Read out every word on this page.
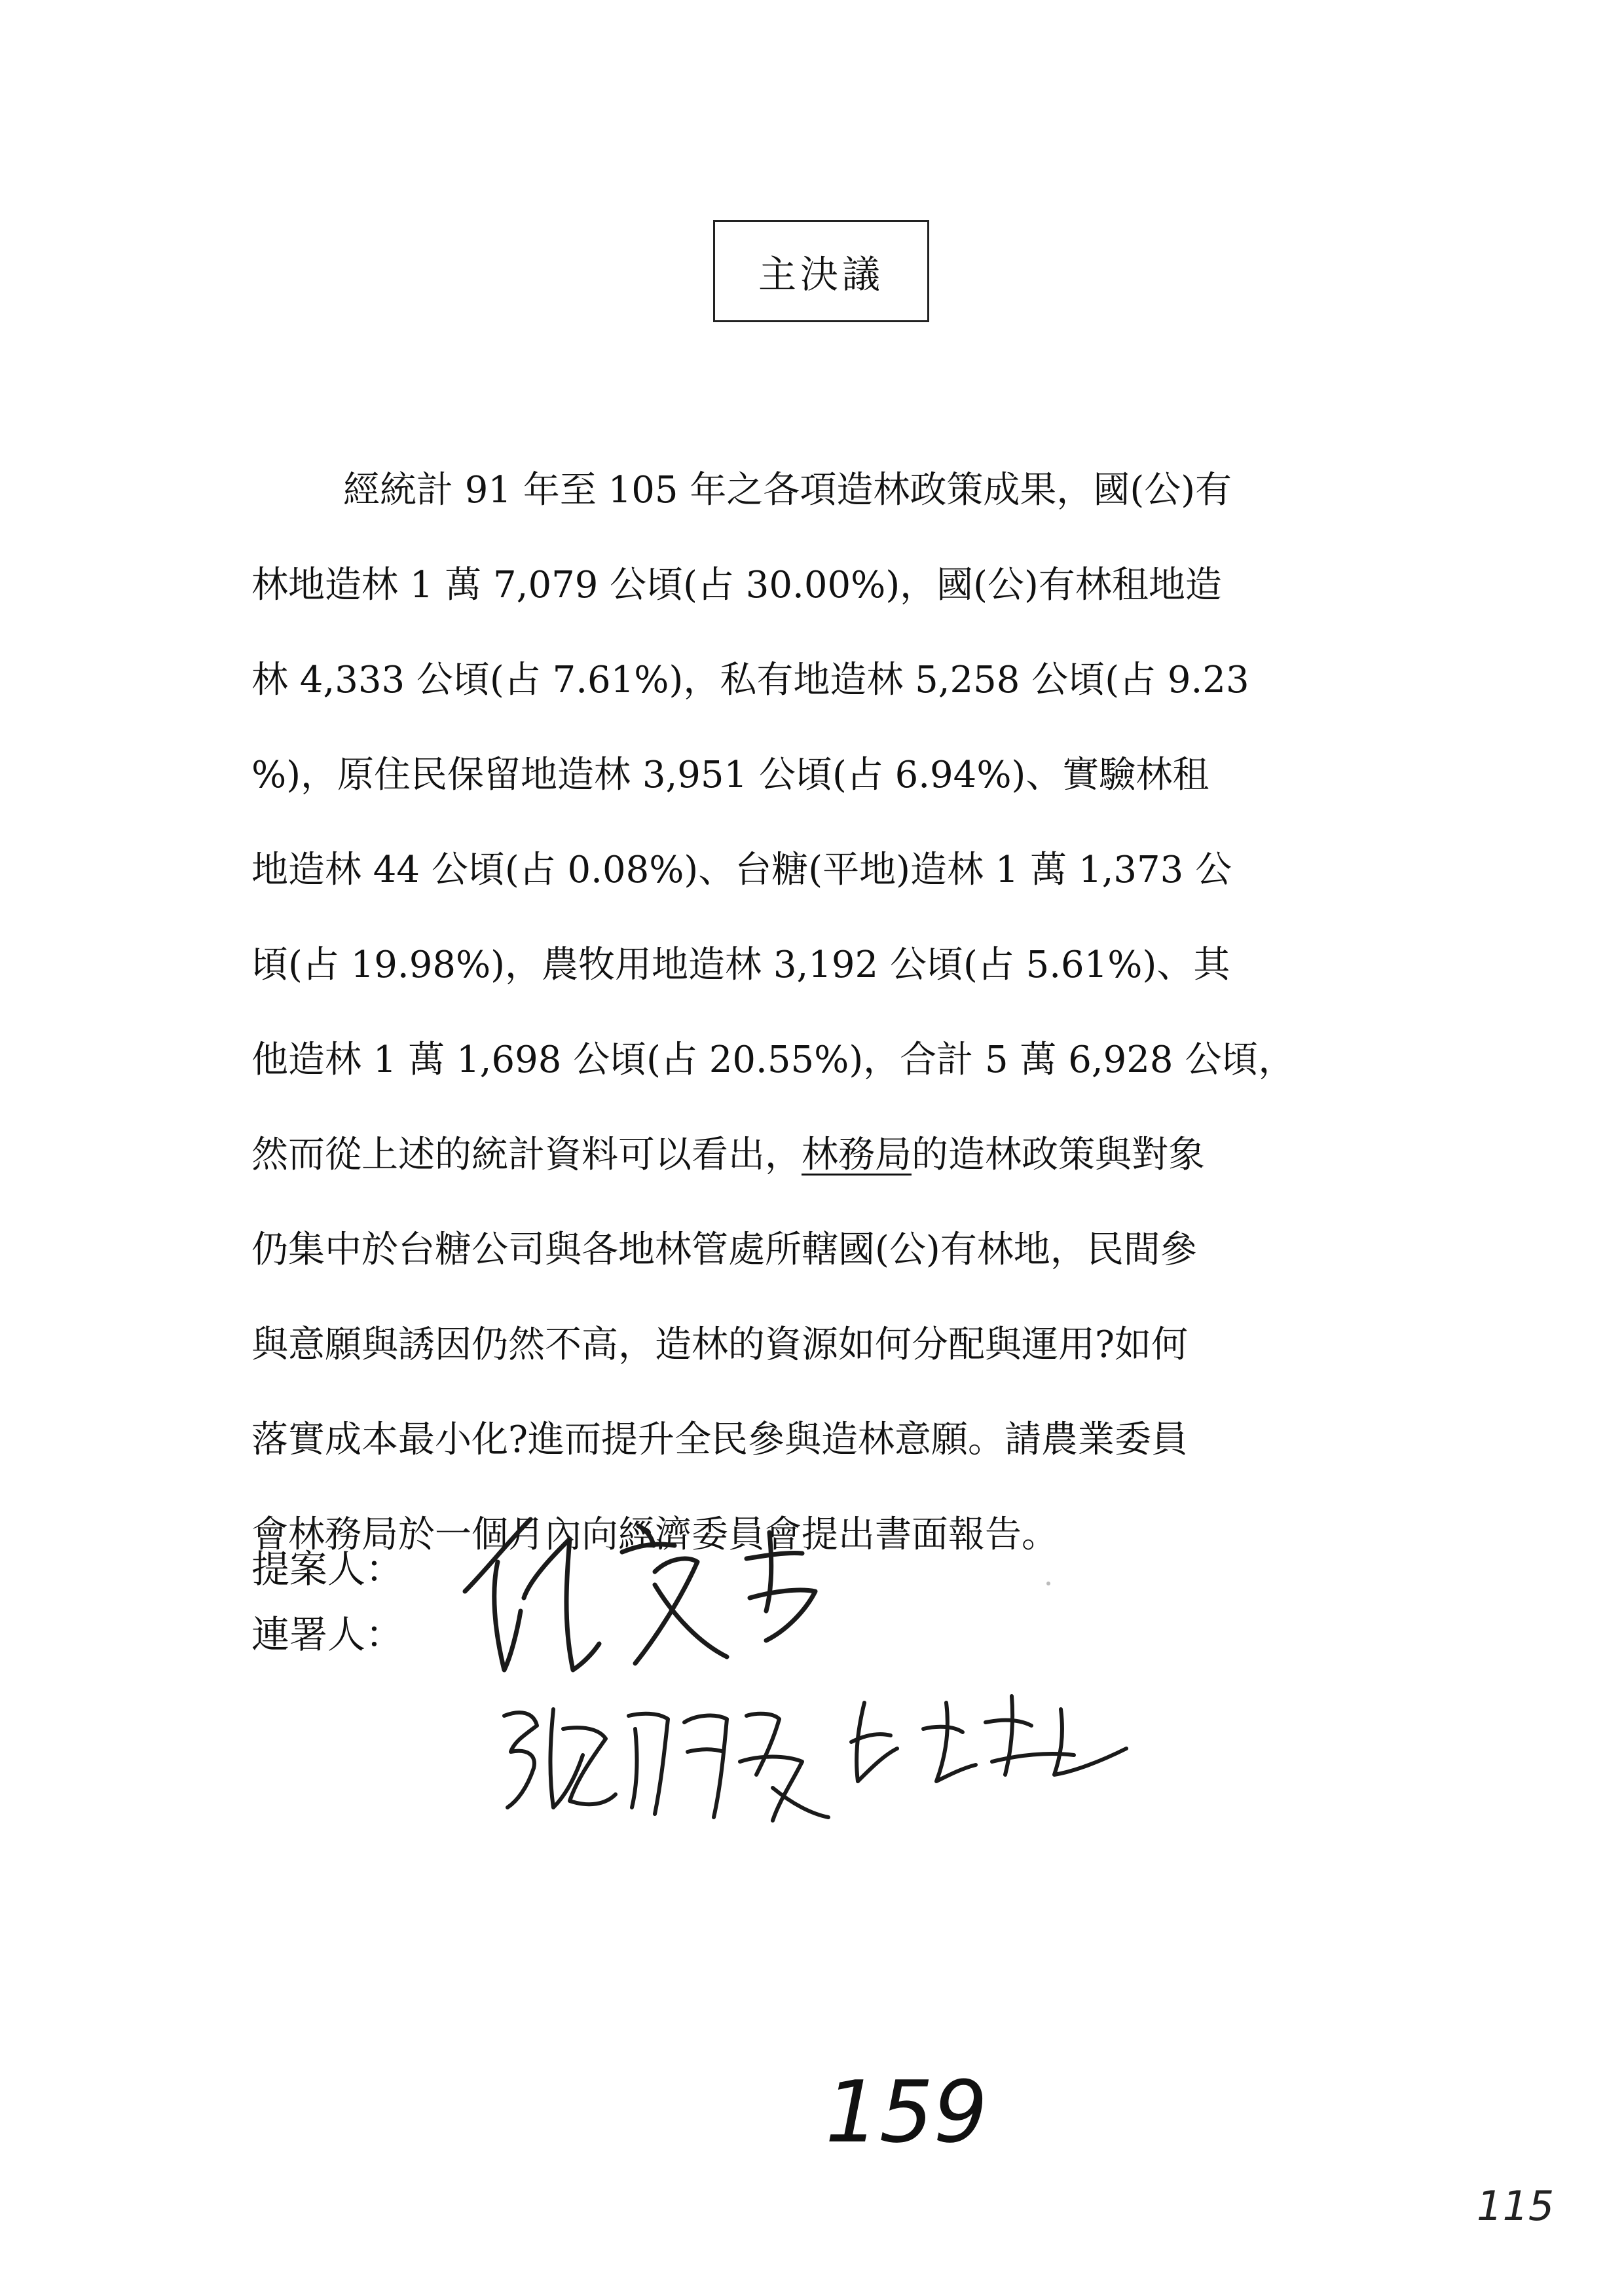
主決議
經統計 91 年至 105 年之各項造林政策成果，國(公)有
林地造林 1 萬 7,079 公頃(占 30.00%)，國(公)有林租地造
林 4,333 公頃(占 7.61%)，私有地造林 5,258 公頃(占 9.23
%)，原住民保留地造林 3,951 公頃(占 6.94%)、實驗林租
地造林 44 公頃(占 0.08%)、台糖(平地)造林 1 萬 1,373 公
頃(占 19.98%)，農牧用地造林 3,192 公頃(占 5.61%)、其
他造林 1 萬 1,698 公頃(占 20.55%)，合計 5 萬 6,928 公頃，
然而從上述的統計資料可以看出，林務局的造林政策與對象
仍集中於台糖公司與各地林管處所轄國(公)有林地，民間參
與意願與誘因仍然不高，造林的資源如何分配與運用?如何
落實成本最小化?進而提升全民參與造林意願。請農業委員
會林務局於一個月內向經濟委員會提出書面報告。
提案人：
連署人：
159
115
